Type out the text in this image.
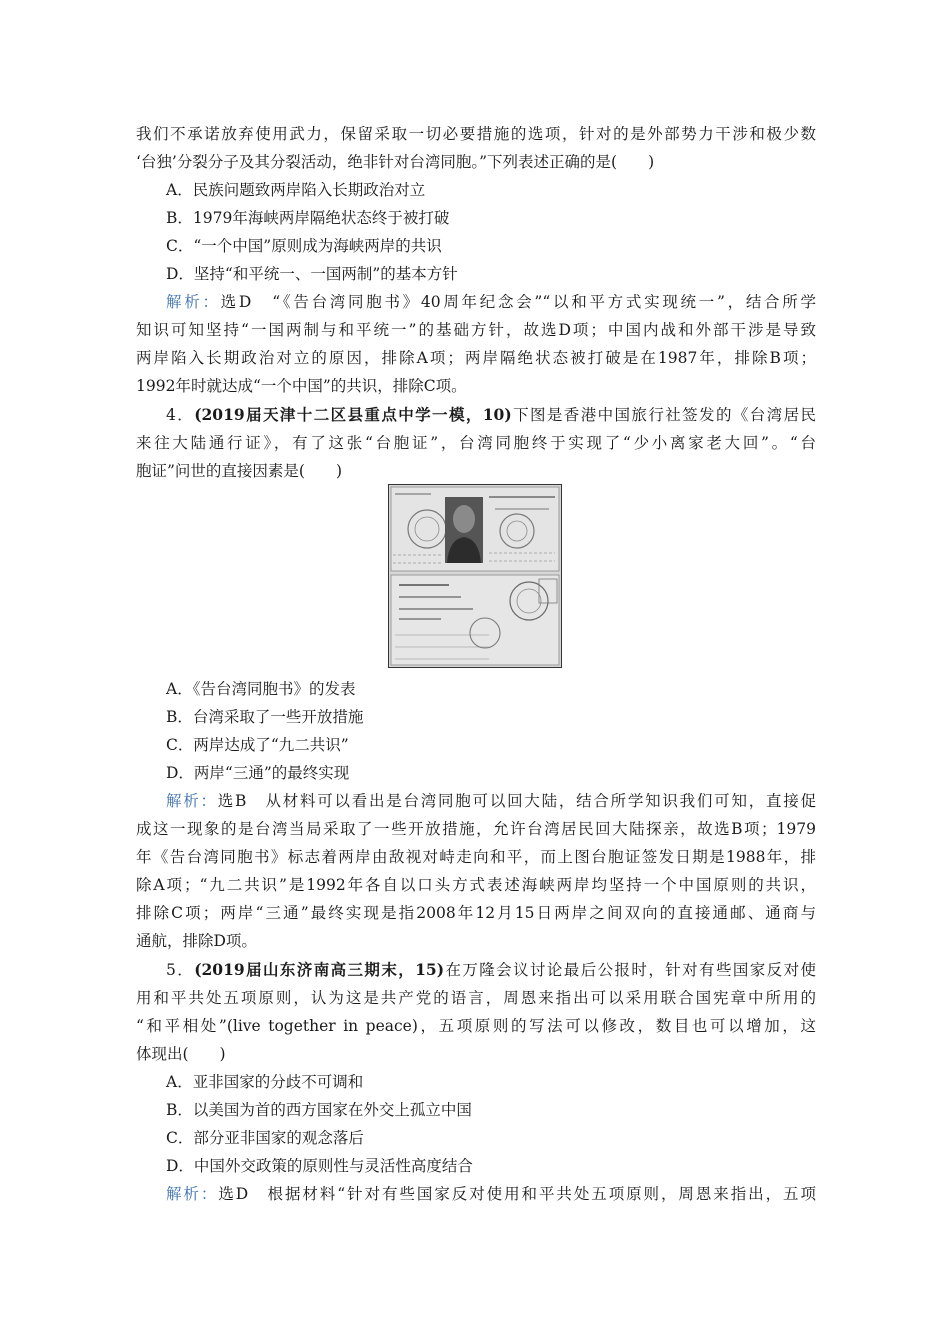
我们不承诺放弃使用武力，保留采取一切必要措施的选项，针对的是外部势力干涉和极少数
‘台独’分裂分子及其分裂活动，绝非针对台湾同胞。”下列表述正确的是(　　)
A．民族问题致两岸陷入长期政治对立
B．1979年海峡两岸隔绝状态终于被打破
C．“一个中国”原则成为海峡两岸的共识
D．坚持“和平统一、一国两制”的基本方针
解析：选D　“《告台湾同胞书》40周年纪念会”“以和平方式实现统一”，结合所学
知识可知坚持“一国两制与和平统一”的基础方针，故选D项；中国内战和外部干涉是导致
两岸陷入长期政治对立的原因，排除A项；两岸隔绝状态被打破是在1987年，排除B项；
1992年时就达成“一个中国”的共识，排除C项。
4．(2019届天津十二区县重点中学一模，10)下图是香港中国旅行社签发的《台湾居民
来往大陆通行证》，有了这张“台胞证”，台湾同胞终于实现了“少小离家老大回”。“台
胞证”问世的直接因素是(　　)
A．《告台湾同胞书》的发表
B．台湾采取了一些开放措施
C．两岸达成了“九二共识”
D．两岸“三通”的最终实现
解析：选B　从材料可以看出是台湾同胞可以回大陆，结合所学知识我们可知，直接促
成这一现象的是台湾当局采取了一些开放措施，允许台湾居民回大陆探亲，故选B项；1979
年《告台湾同胞书》标志着两岸由敌视对峙走向和平，而上图台胞证签发日期是1988年，排
除A项；“九二共识”是1992年各自以口头方式表述海峡两岸均坚持一个中国原则的共识，
排除C项；两岸“三通”最终实现是指2008年12月15日两岸之间双向的直接通邮、通商与
通航，排除D项。
5．(2019届山东济南高三期末，15)在万隆会议讨论最后公报时，针对有些国家反对使
用和平共处五项原则，认为这是共产党的语言，周恩来指出可以采用联合国宪章中所用的
“和平相处”(live together in peace)，五项原则的写法可以修改，数目也可以增加，这
体现出(　　)
A．亚非国家的分歧不可调和
B．以美国为首的西方国家在外交上孤立中国
C．部分亚非国家的观念落后
D．中国外交政策的原则性与灵活性高度结合
解析：选D　根据材料“针对有些国家反对使用和平共处五项原则，周恩来指出，五项
